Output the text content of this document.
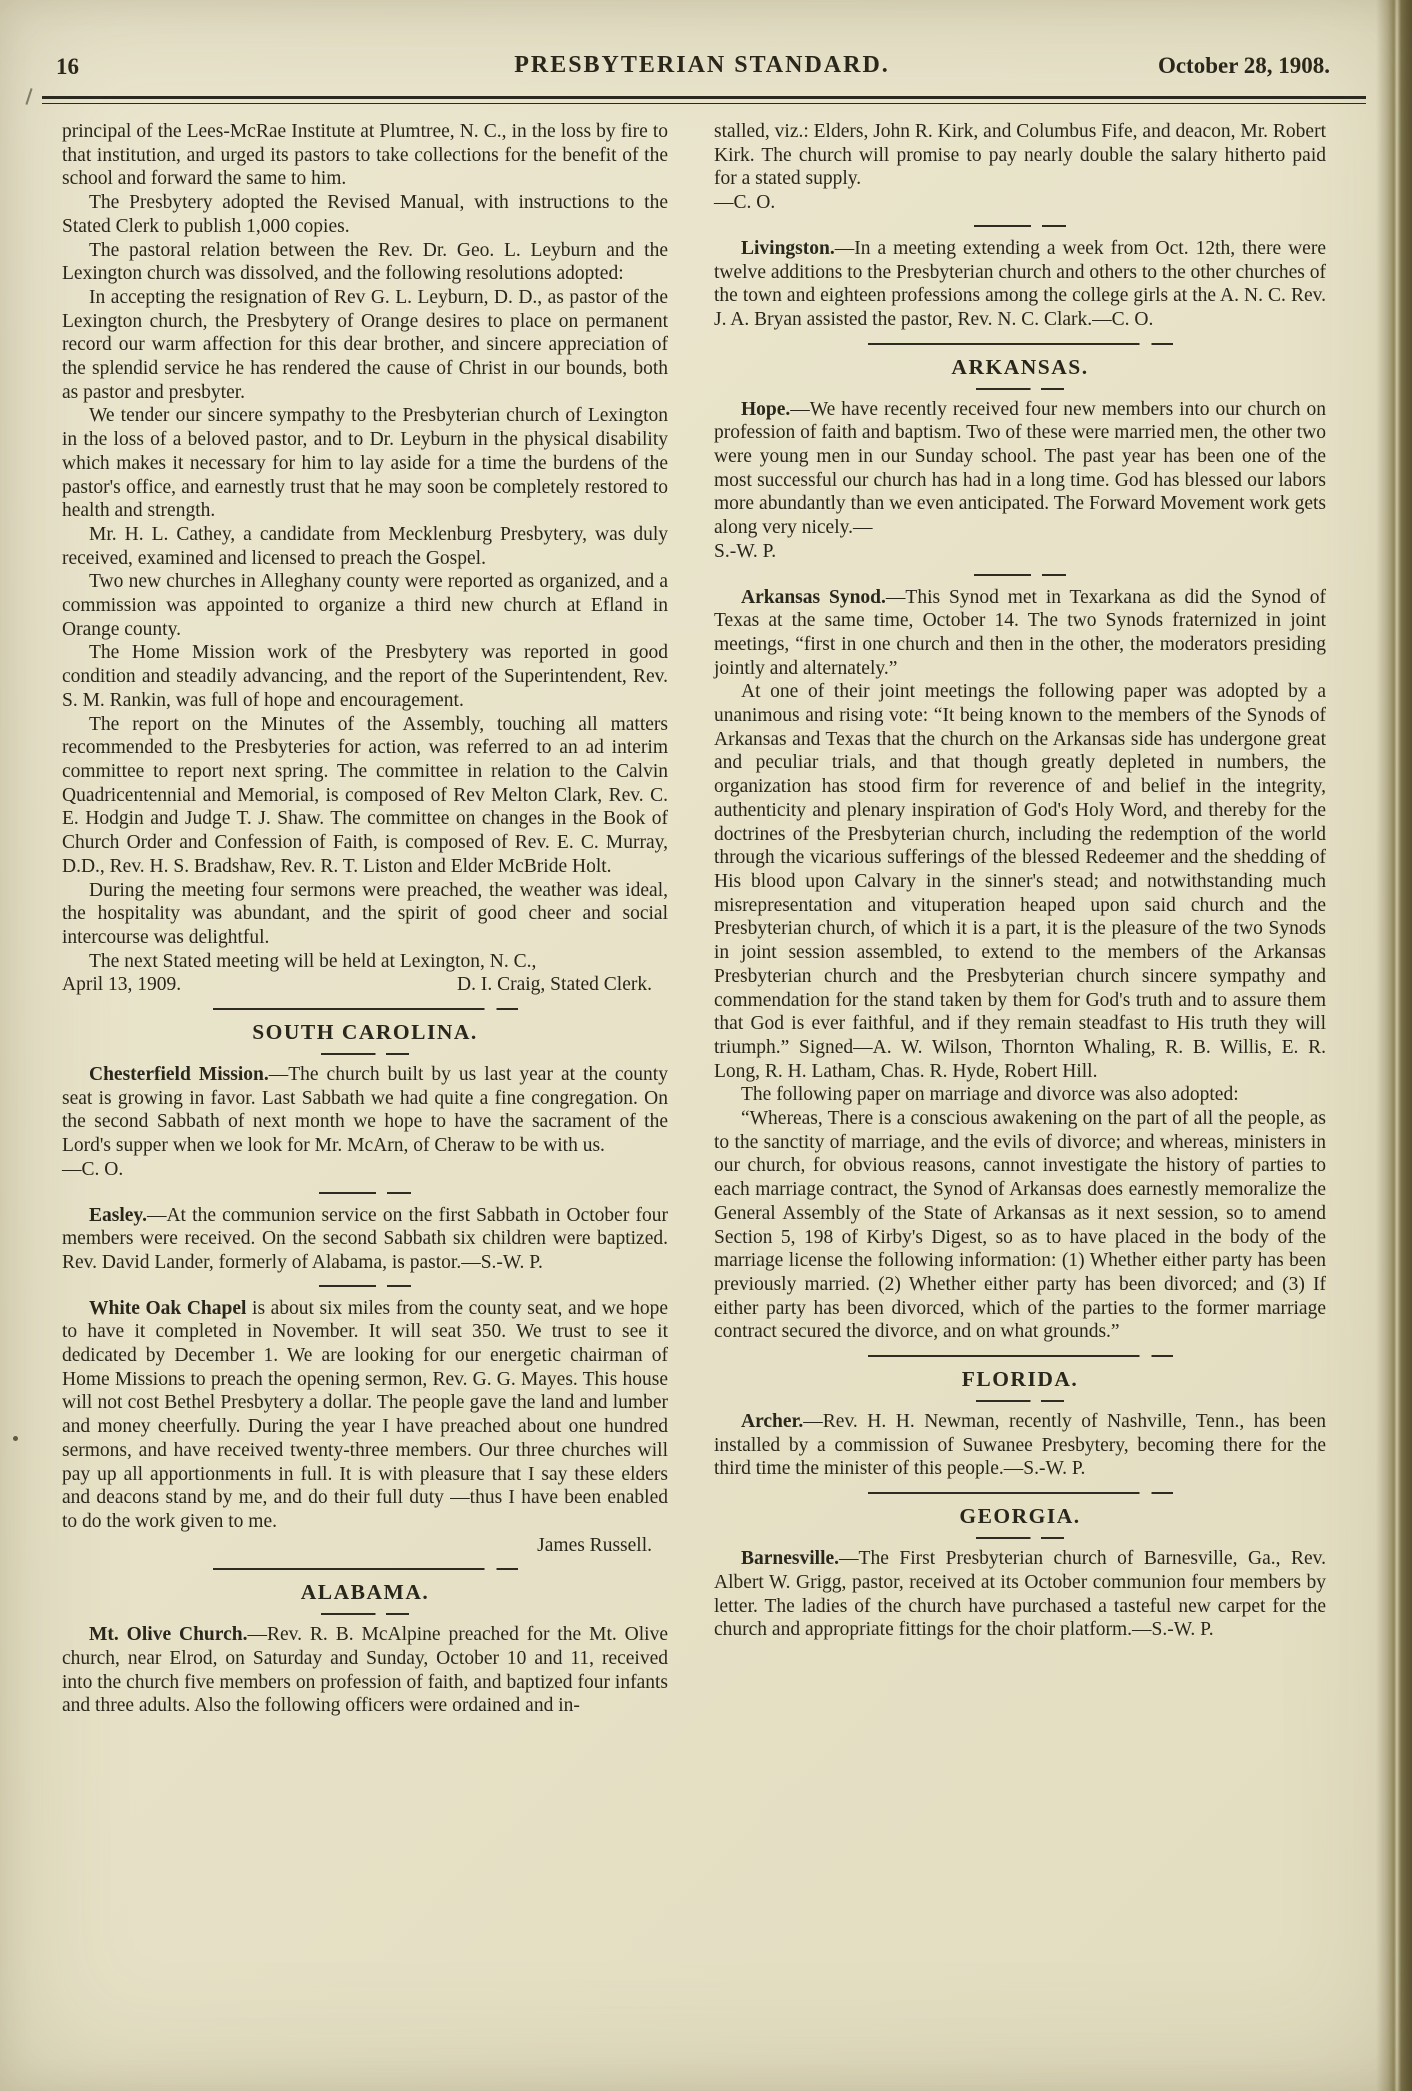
16	PRESBYTERIAN STANDARD.	October 28, 1908.

principal of the Lees-McRae Institute at Plumtree, N. C., in the loss by fire to that institution, and urged its pastors to take collections for the benefit of the school and forward the same to him.

The Presbytery adopted the Revised Manual, with instructions to the Stated Clerk to publish 1,000 copies.

The pastoral relation between the Rev. Dr. Geo. L. Leyburn and the Lexington church was dissolved, and the following resolutions adopted:

In accepting the resignation of Rev G. L. Leyburn, D. D., as pastor of the Lexington church, the Presbytery of Orange desires to place on permanent record our warm affection for this dear brother, and sincere appreciation of the splendid service he has rendered the cause of Christ in our bounds, both as pastor and presbyter.

We tender our sincere sympathy to the Presbyterian church of Lexington in the loss of a beloved pastor, and to Dr. Leyburn in the physical disability which makes it necessary for him to lay aside for a time the burdens of the pastor's office, and earnestly trust that he may soon be completely restored to health and strength.

Mr. H. L. Cathey, a candidate from Mecklenburg Presbytery, was duly received, examined and licensed to preach the Gospel.

Two new churches in Alleghany county were reported as organized, and a commission was appointed to organize a third new church at Efland in Orange county.

The Home Mission work of the Presbytery was reported in good condition and steadily advancing, and the report of the Superintendent, Rev. S. M. Rankin, was full of hope and encouragement.

The report on the Minutes of the Assembly, touching all matters recommended to the Presbyteries for action, was referred to an ad interim committee to report next spring. The committee in relation to the Calvin Quadricentennial and Memorial, is composed of Rev Melton Clark, Rev. C. E. Hodgin and Judge T. J. Shaw. The committee on changes in the Book of Church Order and Confession of Faith, is composed of Rev. E. C. Murray, D.D., Rev. H. S. Bradshaw, Rev. R. T. Liston and Elder McBride Holt.

During the meeting four sermons were preached, the weather was ideal, the hospitality was abundant, and the spirit of good cheer and social intercourse was delightful.

The next Stated meeting will be held at Lexington, N. C.,

April 13, 1909.	D. I. Craig, Stated Clerk.

SOUTH CAROLINA.

Chesterfield Mission.—The church built by us last year at the county seat is growing in favor. Last Sabbath we had quite a fine congregation. On the second Sabbath of next month we hope to have the sacrament of the Lord's supper when we look for Mr. McArn, of Cheraw to be with us.

—C. O.

Easley.—At the communion service on the first Sabbath in October four members were received. On the second Sabbath six children were baptized. Rev. David Lander, formerly of Alabama, is pastor.—S.-W. P.

White Oak Chapel is about six miles from the county seat, and we hope to have it completed in November. It will seat 350. We trust to see it dedicated by December 1. We are looking for our energetic chairman of Home Missions to preach the opening sermon, Rev. G. G. Mayes. This house will not cost Bethel Presbytery a dollar. The people gave the land and lumber and money cheerfully. During the year I have preached about one hundred sermons, and have received twenty-three members. Our three churches will pay up all apportionments in full. It is with pleasure that I say these elders and deacons stand by me, and do their full duty —thus I have been enabled to do the work given to me.

James Russell.

ALABAMA.

Mt. Olive Church.—Rev. R. B. McAlpine preached for the Mt. Olive church, near Elrod, on Saturday and Sunday, October 10 and 11, received into the church five members on profession of faith, and baptized four infants and three adults. Also the following officers were ordained and in-

stalled, viz.: Elders, John R. Kirk, and Columbus Fife, and deacon, Mr. Robert Kirk. The church will promise to pay nearly double the salary hitherto paid for a stated supply.

—C. O.

Livingston.—In a meeting extending a week from Oct. 12th, there were twelve additions to the Presbyterian church and others to the other churches of the town and eighteen professions among the college girls at the A. N. C. Rev. J. A. Bryan assisted the pastor, Rev. N. C. Clark.—C. O.

ARKANSAS.

Hope.—We have recently received four new members into our church on profession of faith and baptism. Two of these were married men, the other two were young men in our Sunday school. The past year has been one of the most successful our church has had in a long time. God has blessed our labors more abundantly than we even anticipated. The Forward Movement work gets along very nicely.—

S.-W. P.

Arkansas Synod.—This Synod met in Texarkana as did the Synod of Texas at the same time, October 14. The two Synods fraternized in joint meetings, “first in one church and then in the other, the moderators presiding jointly and alternately.”

At one of their joint meetings the following paper was adopted by a unanimous and rising vote: “It being known to the members of the Synods of Arkansas and Texas that the church on the Arkansas side has undergone great and peculiar trials, and that though greatly depleted in numbers, the organization has stood firm for reverence of and belief in the integrity, authenticity and plenary inspiration of God's Holy Word, and thereby for the doctrines of the Presbyterian church, including the redemption of the world through the vicarious sufferings of the blessed Redeemer and the shedding of His blood upon Calvary in the sinner's stead; and notwithstanding much misrepresentation and vituperation heaped upon said church and the Presbyterian church, of which it is a part, it is the pleasure of the two Synods in joint session assembled, to extend to the members of the Arkansas Presbyterian church and the Presbyterian church sincere sympathy and commendation for the stand taken by them for God's truth and to assure them that God is ever faithful, and if they remain steadfast to His truth they will triumph.” Signed—A. W. Wilson, Thornton Whaling, R. B. Willis, E. R. Long, R. H. Latham, Chas. R. Hyde, Robert Hill.

The following paper on marriage and divorce was also adopted:

“Whereas, There is a conscious awakening on the part of all the people, as to the sanctity of marriage, and the evils of divorce; and whereas, ministers in our church, for obvious reasons, cannot investigate the history of parties to each marriage contract, the Synod of Arkansas does earnestly memoralize the General Assembly of the State of Arkansas as it next session, so to amend Section 5, 198 of Kirby's Digest, so as to have placed in the body of the marriage license the following information: (1) Whether either party has been previously married. (2) Whether either party has been divorced; and (3) If either party has been divorced, which of the parties to the former marriage contract secured the divorce, and on what grounds.”

FLORIDA.

Archer.—Rev. H. H. Newman, recently of Nashville, Tenn., has been installed by a commission of Suwanee Presbytery, becoming there for the third time the minister of this people.—S.-W. P.

GEORGIA.

Barnesville.—The First Presbyterian church of Barnesville, Ga., Rev. Albert W. Grigg, pastor, received at its October communion four members by letter. The ladies of the church have purchased a tasteful new carpet for the church and appropriate fittings for the choir platform.—S.-W. P.
